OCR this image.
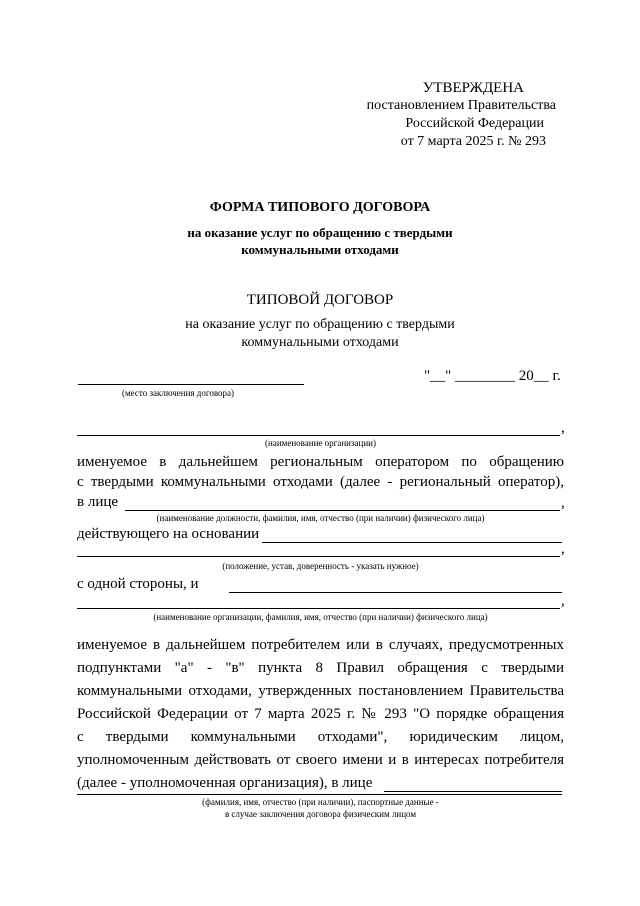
УТВЕРЖДЕНА
постановлением Правительства
Российской Федерации
от 7 марта 2025 г. № 293
ФОРМА ТИПОВОГО ДОГОВОРА
на оказание услуг по обращению с твердыми
коммунальными отходами
ТИПОВОЙ ДОГОВОР
на оказание услуг по обращению с твердыми
коммунальными отходами
(место заключения договора)
"__" ________ 20__ г.
,
(наименование организации)
именуемое в дальнейшем региональным оператором по обращению
с твердыми коммунальными отходами (далее - региональный оператор),
в лице	,
(наименование должности, фамилия, имя, отчество (при наличии) физического лица)
действующего на основании
,
(положение, устав, доверенность - указать нужное)
с одной стороны, и
,
(наименование организации, фамилия, имя, отчество (при наличии) физического лица)
именуемое в дальнейшем потребителем или в случаях, предусмотренных
подпунктами "а" - "в" пункта 8 Правил обращения с твердыми
коммунальными отходами, утвержденных постановлением Правительства
Российской Федерации от 7 марта 2025 г. № 293 "О порядке обращения
с твердыми коммунальными отходами", юридическим лицом,
уполномоченным действовать от своего имени и в интересах потребителя
(далее - уполномоченная организация), в лице
(фамилия, имя, отчество (при наличии), паспортные данные -
в случае заключения договора физическим лицом
